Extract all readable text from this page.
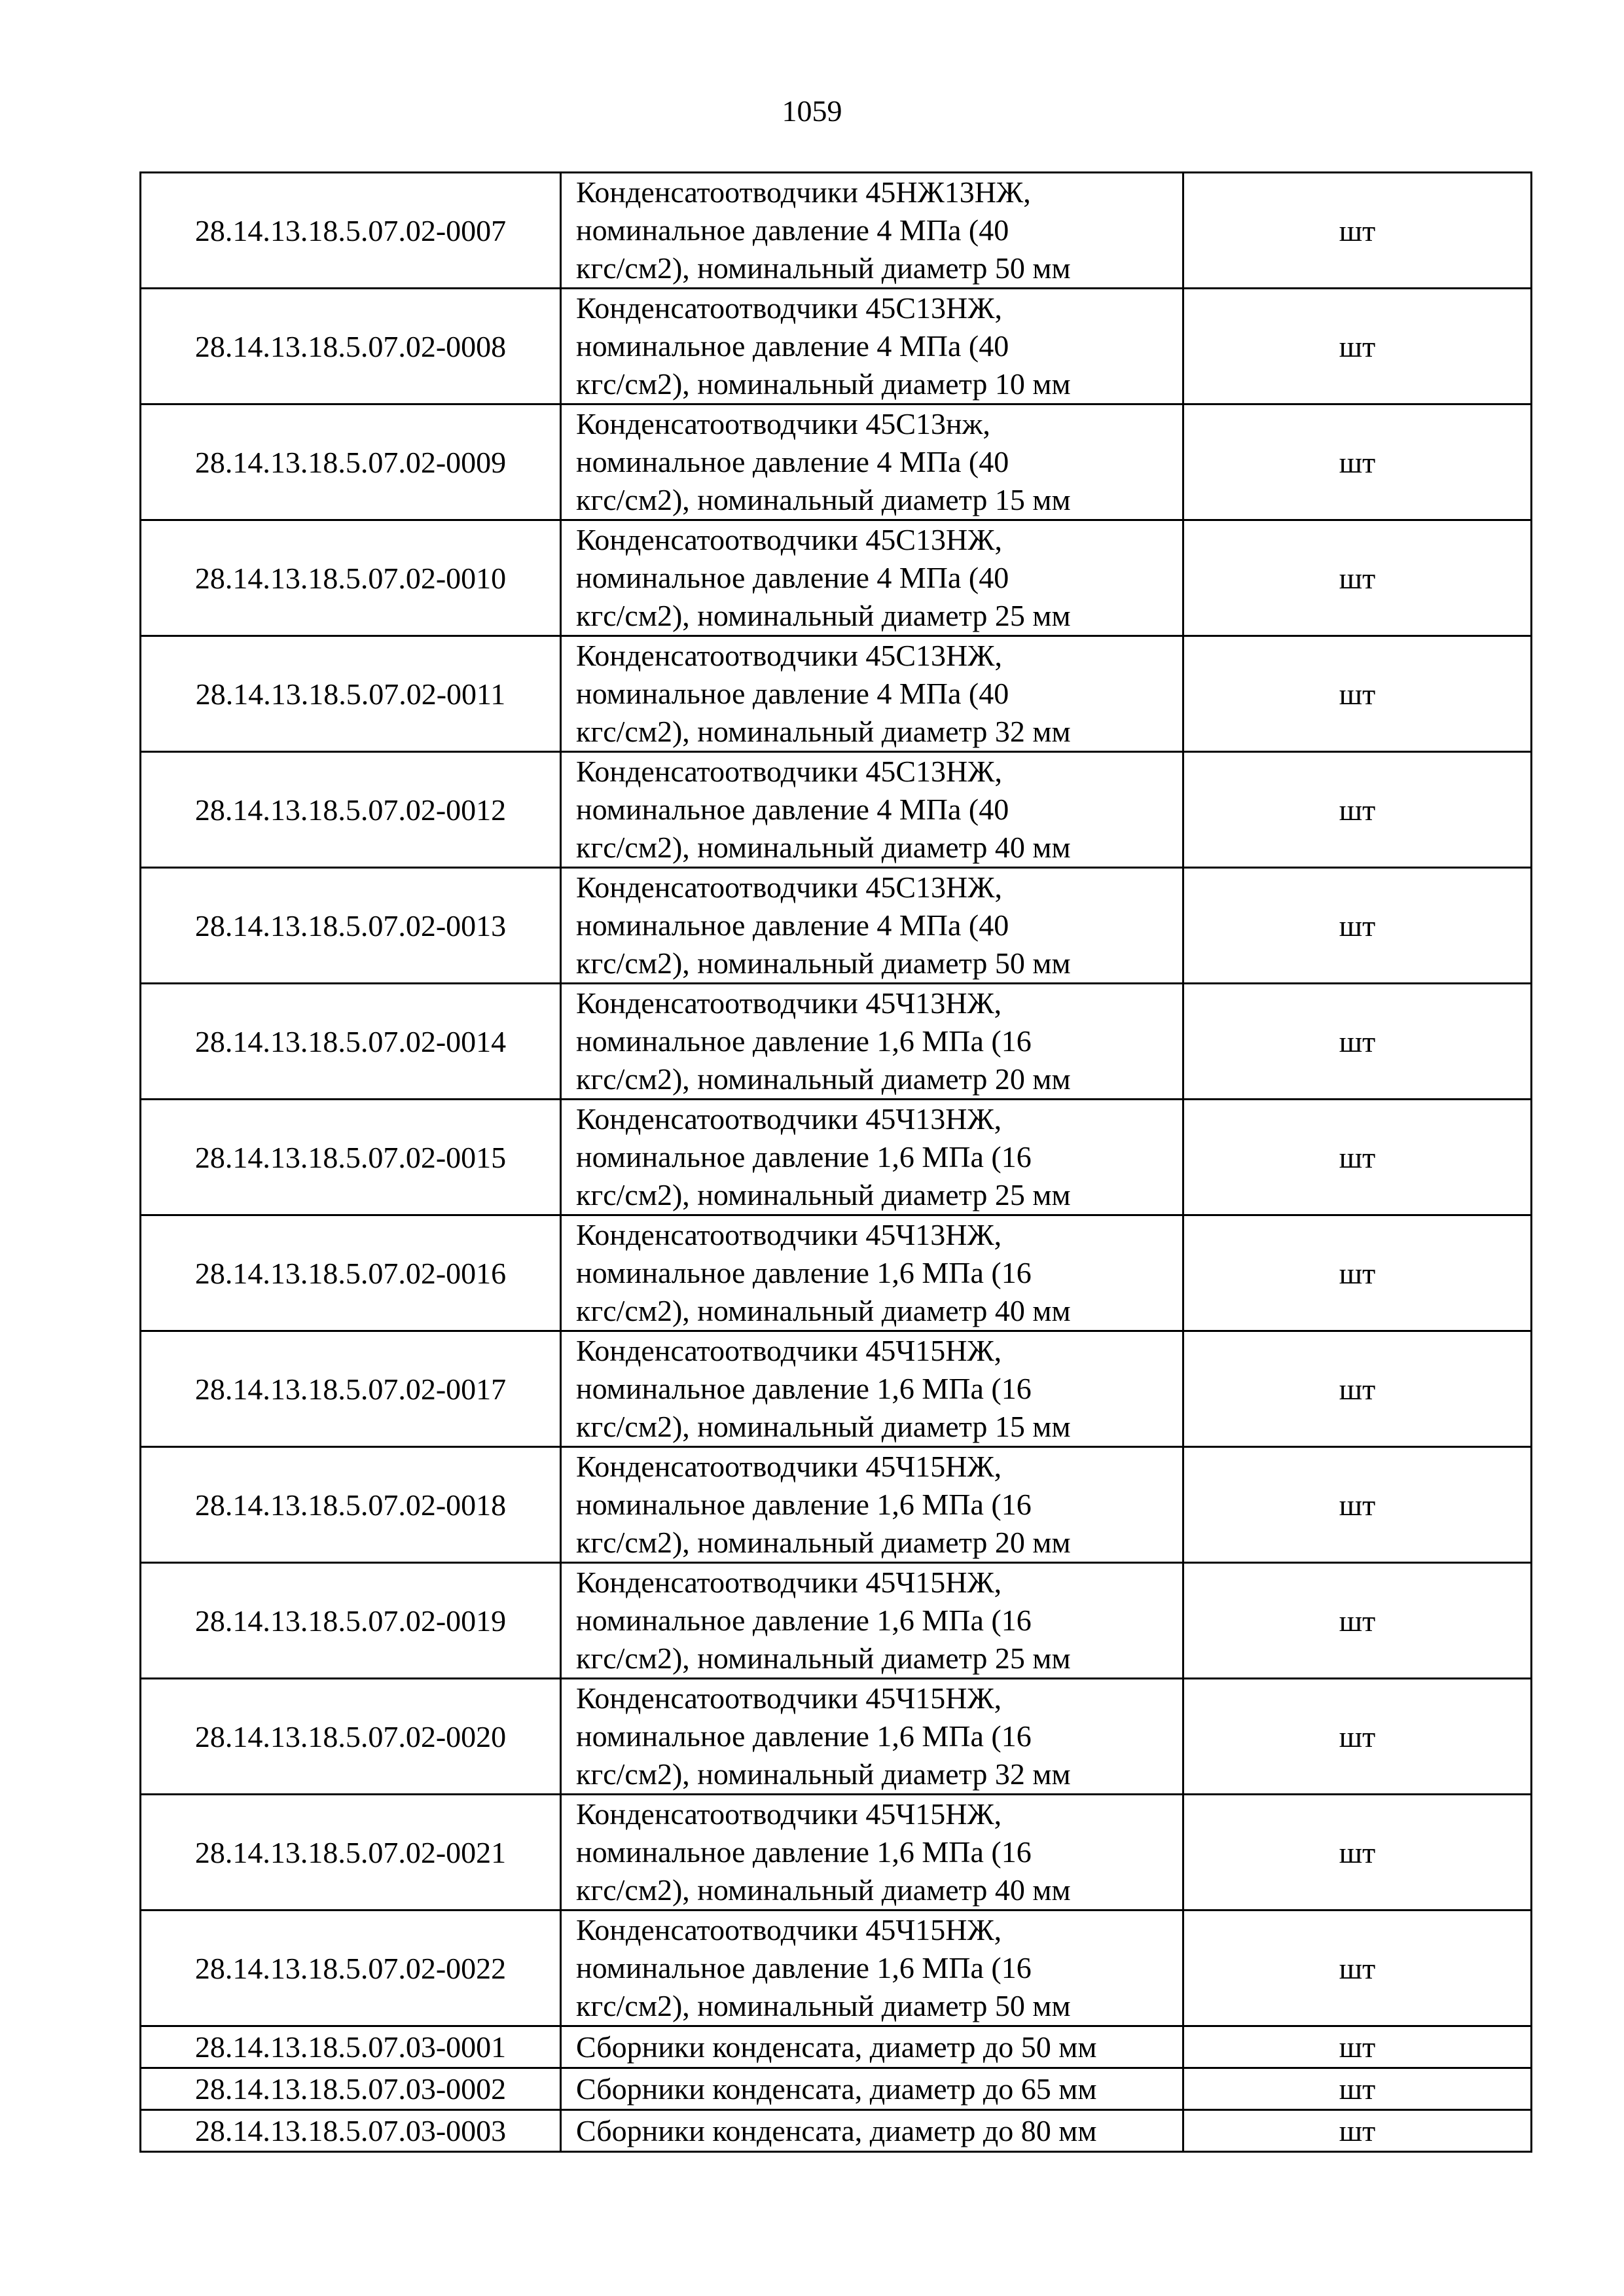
1059
28.14.13.18.5.07.02-0007	Конденсатоотводчики 45НЖ13НЖ,
номинальное давление 4 МПа (40
кгс/см2), номинальный диаметр 50 мм	шт
28.14.13.18.5.07.02-0008	Конденсатоотводчики 45С13НЖ,
номинальное давление 4 МПа (40
кгс/см2), номинальный диаметр 10 мм	шт
28.14.13.18.5.07.02-0009	Конденсатоотводчики 45С13нж,
номинальное давление 4 МПа (40
кгс/см2), номинальный диаметр 15 мм	шт
28.14.13.18.5.07.02-0010	Конденсатоотводчики 45С13НЖ,
номинальное давление 4 МПа (40
кгс/см2), номинальный диаметр 25 мм	шт
28.14.13.18.5.07.02-0011	Конденсатоотводчики 45С13НЖ,
номинальное давление 4 МПа (40
кгс/см2), номинальный диаметр 32 мм	шт
28.14.13.18.5.07.02-0012	Конденсатоотводчики 45С13НЖ,
номинальное давление 4 МПа (40
кгс/см2), номинальный диаметр 40 мм	шт
28.14.13.18.5.07.02-0013	Конденсатоотводчики 45С13НЖ,
номинальное давление 4 МПа (40
кгс/см2), номинальный диаметр 50 мм	шт
28.14.13.18.5.07.02-0014	Конденсатоотводчики 45Ч13НЖ,
номинальное давление 1,6 МПа (16
кгс/см2), номинальный диаметр 20 мм	шт
28.14.13.18.5.07.02-0015	Конденсатоотводчики 45Ч13НЖ,
номинальное давление 1,6 МПа (16
кгс/см2), номинальный диаметр 25 мм	шт
28.14.13.18.5.07.02-0016	Конденсатоотводчики 45Ч13НЖ,
номинальное давление 1,6 МПа (16
кгс/см2), номинальный диаметр 40 мм	шт
28.14.13.18.5.07.02-0017	Конденсатоотводчики 45Ч15НЖ,
номинальное давление 1,6 МПа (16
кгс/см2), номинальный диаметр 15 мм	шт
28.14.13.18.5.07.02-0018	Конденсатоотводчики 45Ч15НЖ,
номинальное давление 1,6 МПа (16
кгс/см2), номинальный диаметр 20 мм	шт
28.14.13.18.5.07.02-0019	Конденсатоотводчики 45Ч15НЖ,
номинальное давление 1,6 МПа (16
кгс/см2), номинальный диаметр 25 мм	шт
28.14.13.18.5.07.02-0020	Конденсатоотводчики 45Ч15НЖ,
номинальное давление 1,6 МПа (16
кгс/см2), номинальный диаметр 32 мм	шт
28.14.13.18.5.07.02-0021	Конденсатоотводчики 45Ч15НЖ,
номинальное давление 1,6 МПа (16
кгс/см2), номинальный диаметр 40 мм	шт
28.14.13.18.5.07.02-0022	Конденсатоотводчики 45Ч15НЖ,
номинальное давление 1,6 МПа (16
кгс/см2), номинальный диаметр 50 мм	шт
28.14.13.18.5.07.03-0001	Сборники конденсата, диаметр до 50 мм	шт
28.14.13.18.5.07.03-0002	Сборники конденсата, диаметр до 65 мм	шт
28.14.13.18.5.07.03-0003	Сборники конденсата, диаметр до 80 мм	шт
